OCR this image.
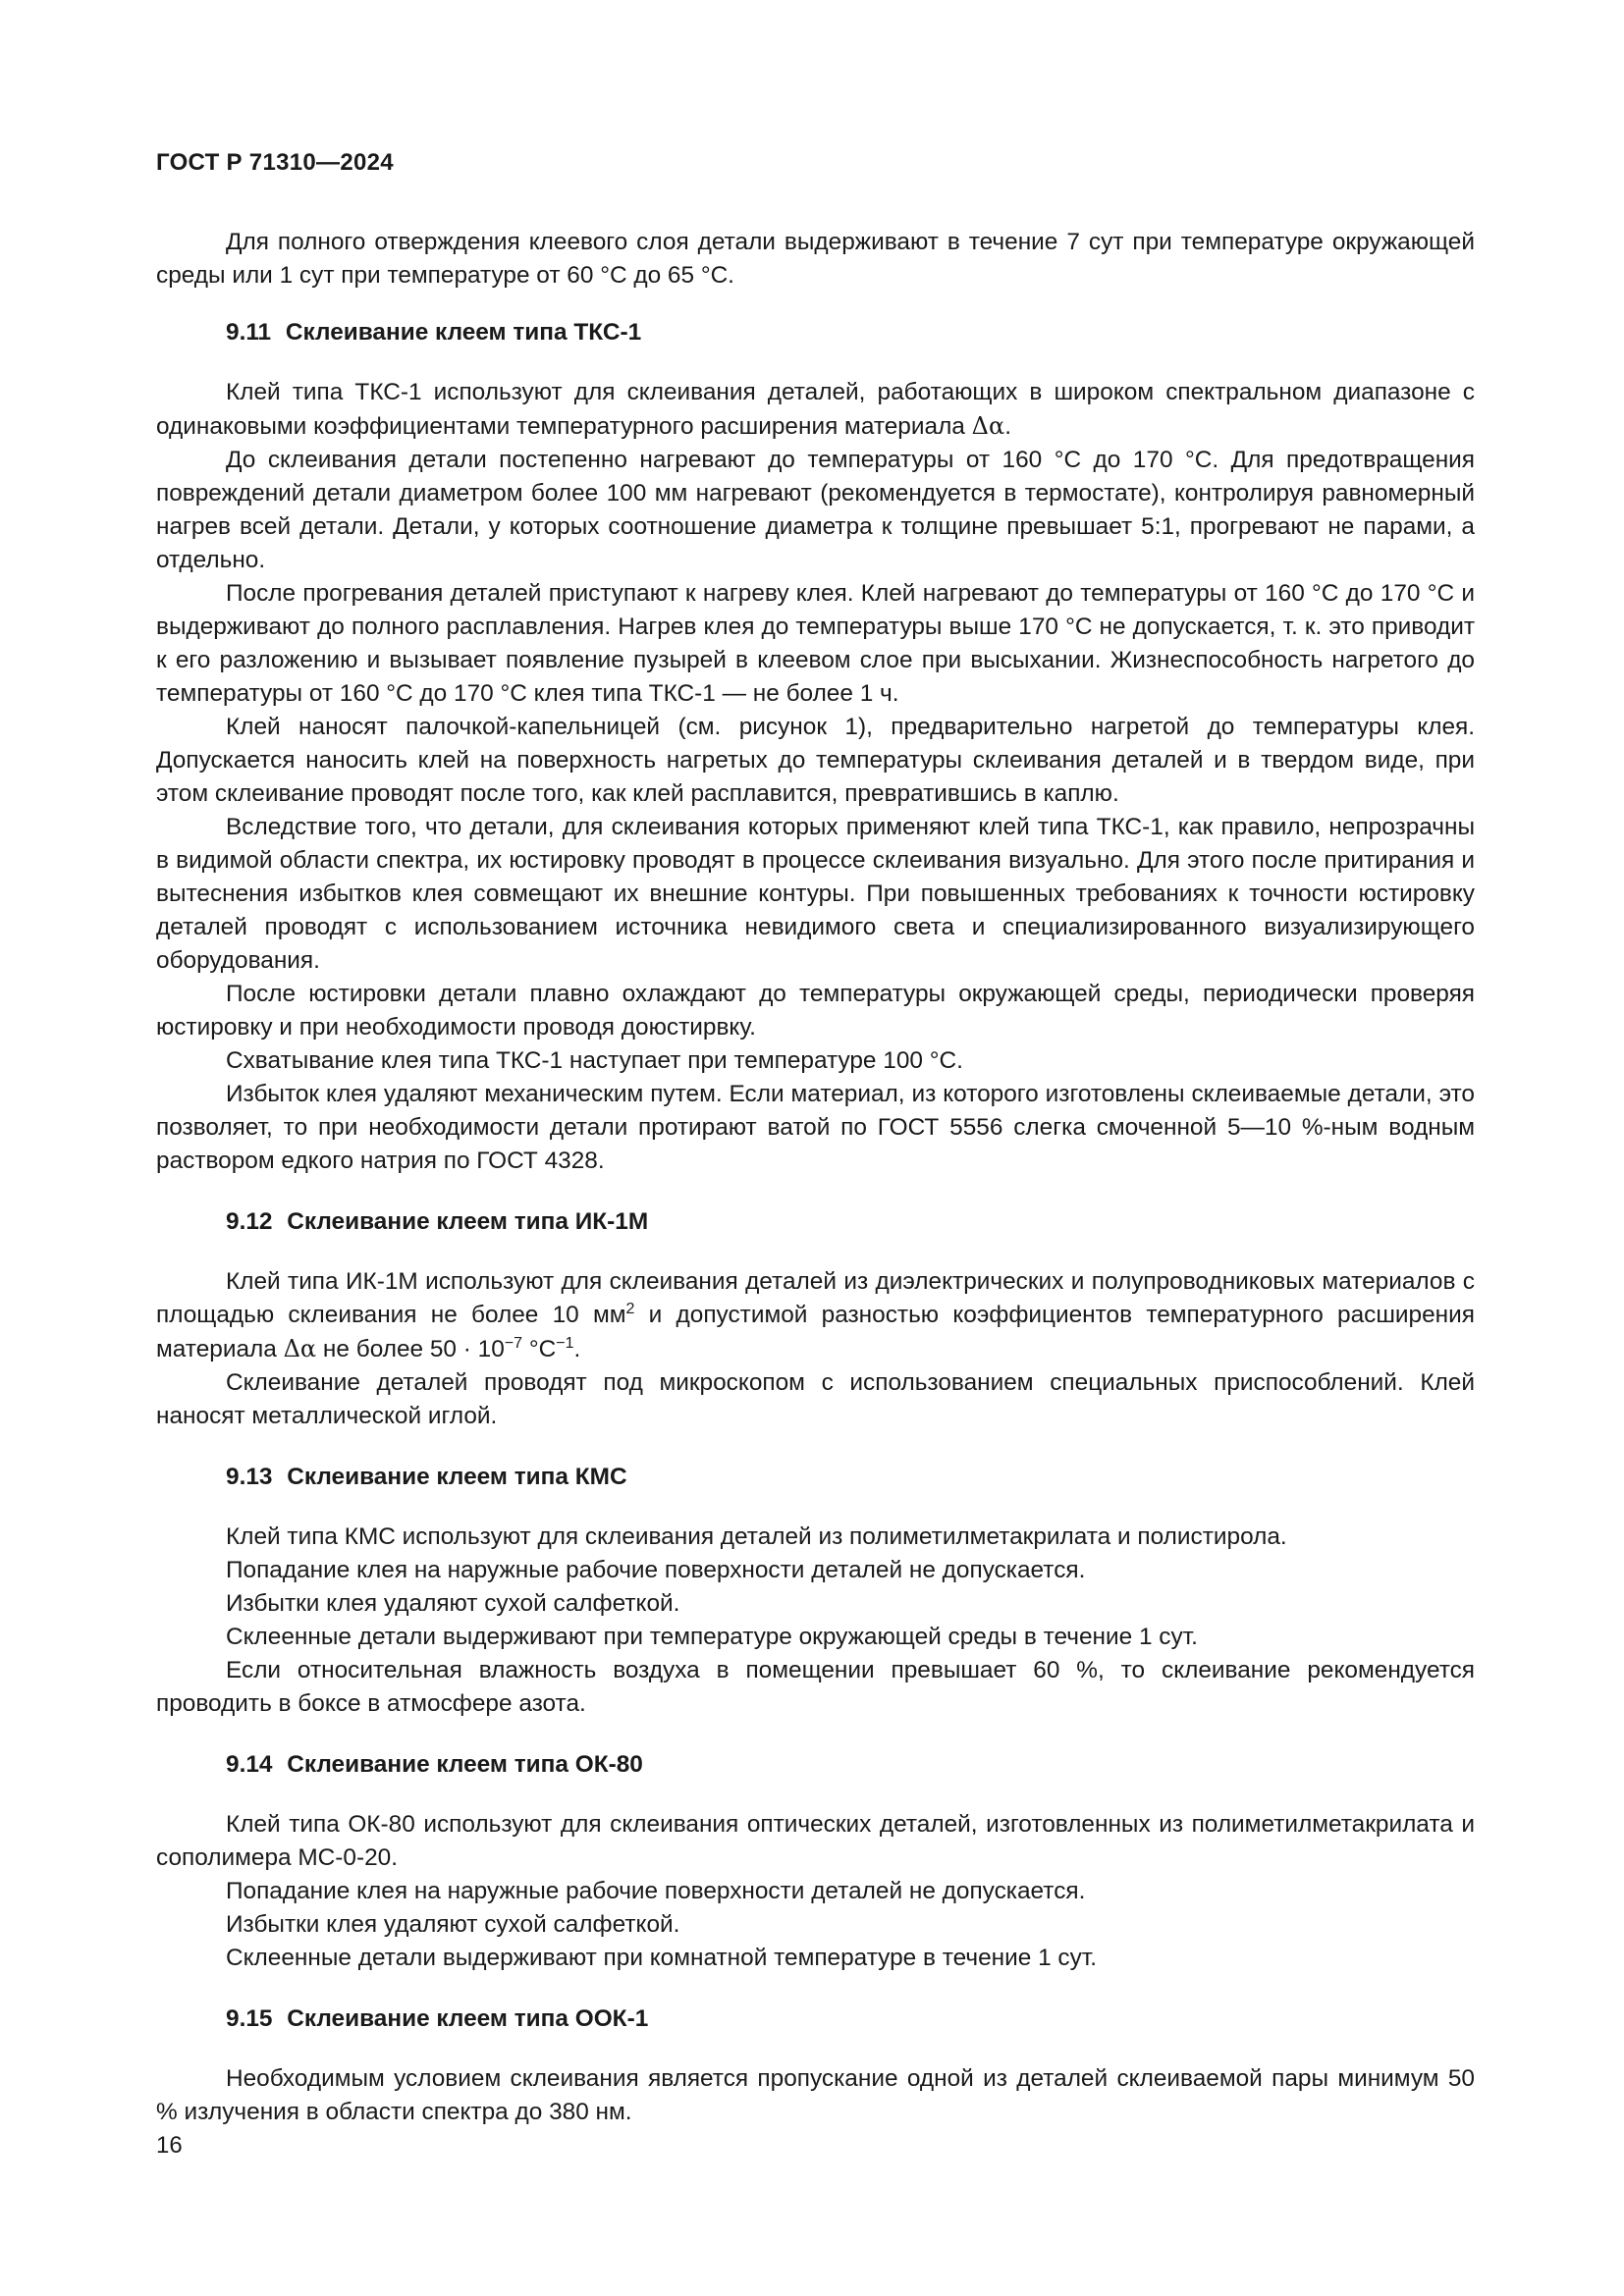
ГОСТ Р 71310—2024

Для полного отверждения клеевого слоя детали выдерживают в течение 7 сут при температуре окружающей среды или 1 сут при температуре от 60 °С до 65 °С.

9.11 Склеивание клеем типа ТКС-1

Клей типа ТКС-1 используют для склеивания деталей, работающих в широком спектральном диапазоне с одинаковыми коэффициентами температурного расширения материала Δα.

До склеивания детали постепенно нагревают до температуры от 160 °С до 170 °С. Для предотвращения повреждений детали диаметром более 100 мм нагревают (рекомендуется в термостате), контролируя равномерный нагрев всей детали. Детали, у которых соотношение диаметра к толщине превышает 5:1, прогревают не парами, а отдельно.

После прогревания деталей приступают к нагреву клея. Клей нагревают до температуры от 160 °С до 170 °С и выдерживают до полного расплавления. Нагрев клея до температуры выше 170 °С не допускается, т. к. это приводит к его разложению и вызывает появление пузырей в клеевом слое при высыхании. Жизнеспособность нагретого до температуры от 160 °С до 170 °С клея типа ТКС-1 — не более 1 ч.

Клей наносят палочкой-капельницей (см. рисунок 1), предварительно нагретой до температуры клея. Допускается наносить клей на поверхность нагретых до температуры склеивания деталей и в твердом виде, при этом склеивание проводят после того, как клей расплавится, превратившись в каплю.

Вследствие того, что детали, для склеивания которых применяют клей типа ТКС-1, как правило, непрозрачны в видимой области спектра, их юстировку проводят в процессе склеивания визуально. Для этого после притирания и вытеснения избытков клея совмещают их внешние контуры. При повышенных требованиях к точности юстировку деталей проводят с использованием источника невидимого света и специализированного визуализирующего оборудования.

После юстировки детали плавно охлаждают до температуры окружающей среды, периодически проверяя юстировку и при необходимости проводя доюстирвку.

Схватывание клея типа ТКС-1 наступает при температуре 100 °С.

Избыток клея удаляют механическим путем. Если материал, из которого изготовлены склеиваемые детали, это позволяет, то при необходимости детали протирают ватой по ГОСТ 5556 слегка смоченной 5—10 %-ным водным раствором едкого натрия по ГОСТ 4328.

9.12 Склеивание клеем типа ИК-1М

Клей типа ИК-1М используют для склеивания деталей из диэлектрических и полупроводниковых материалов с площадью склеивания не более 10 $мм^2$ и допустимой разностью коэффициентов температурного расширения материала Δα не более $50 \cdot 10^{-7}$ $^\circ С^{-1}$.

Склеивание деталей проводят под микроскопом с использованием специальных приспособлений. Клей наносят металлической иглой.

9.13 Склеивание клеем типа КМС

Клей типа КМС используют для склеивания деталей из полиметилметакрилата и полистирола.

Попадание клея на наружные рабочие поверхности деталей не допускается.

Избытки клея удаляют сухой салфеткой.

Склеенные детали выдерживают при температуре окружающей среды в течение 1 сут.

Если относительная влажность воздуха в помещении превышает 60 %, то склеивание рекомендуется проводить в боксе в атмосфере азота.

9.14 Склеивание клеем типа ОК-80

Клей типа ОК-80 используют для склеивания оптических деталей, изготовленных из полиметилметакрилата и сополимера МС-0-20.

Попадание клея на наружные рабочие поверхности деталей не допускается.

Избытки клея удаляют сухой салфеткой.

Склеенные детали выдерживают при комнатной температуре в течение 1 сут.

9.15 Склеивание клеем типа ООК-1

Необходимым условием склеивания является пропускание одной из деталей склеиваемой пары минимум 50 % излучения в области спектра до 380 нм.

16
